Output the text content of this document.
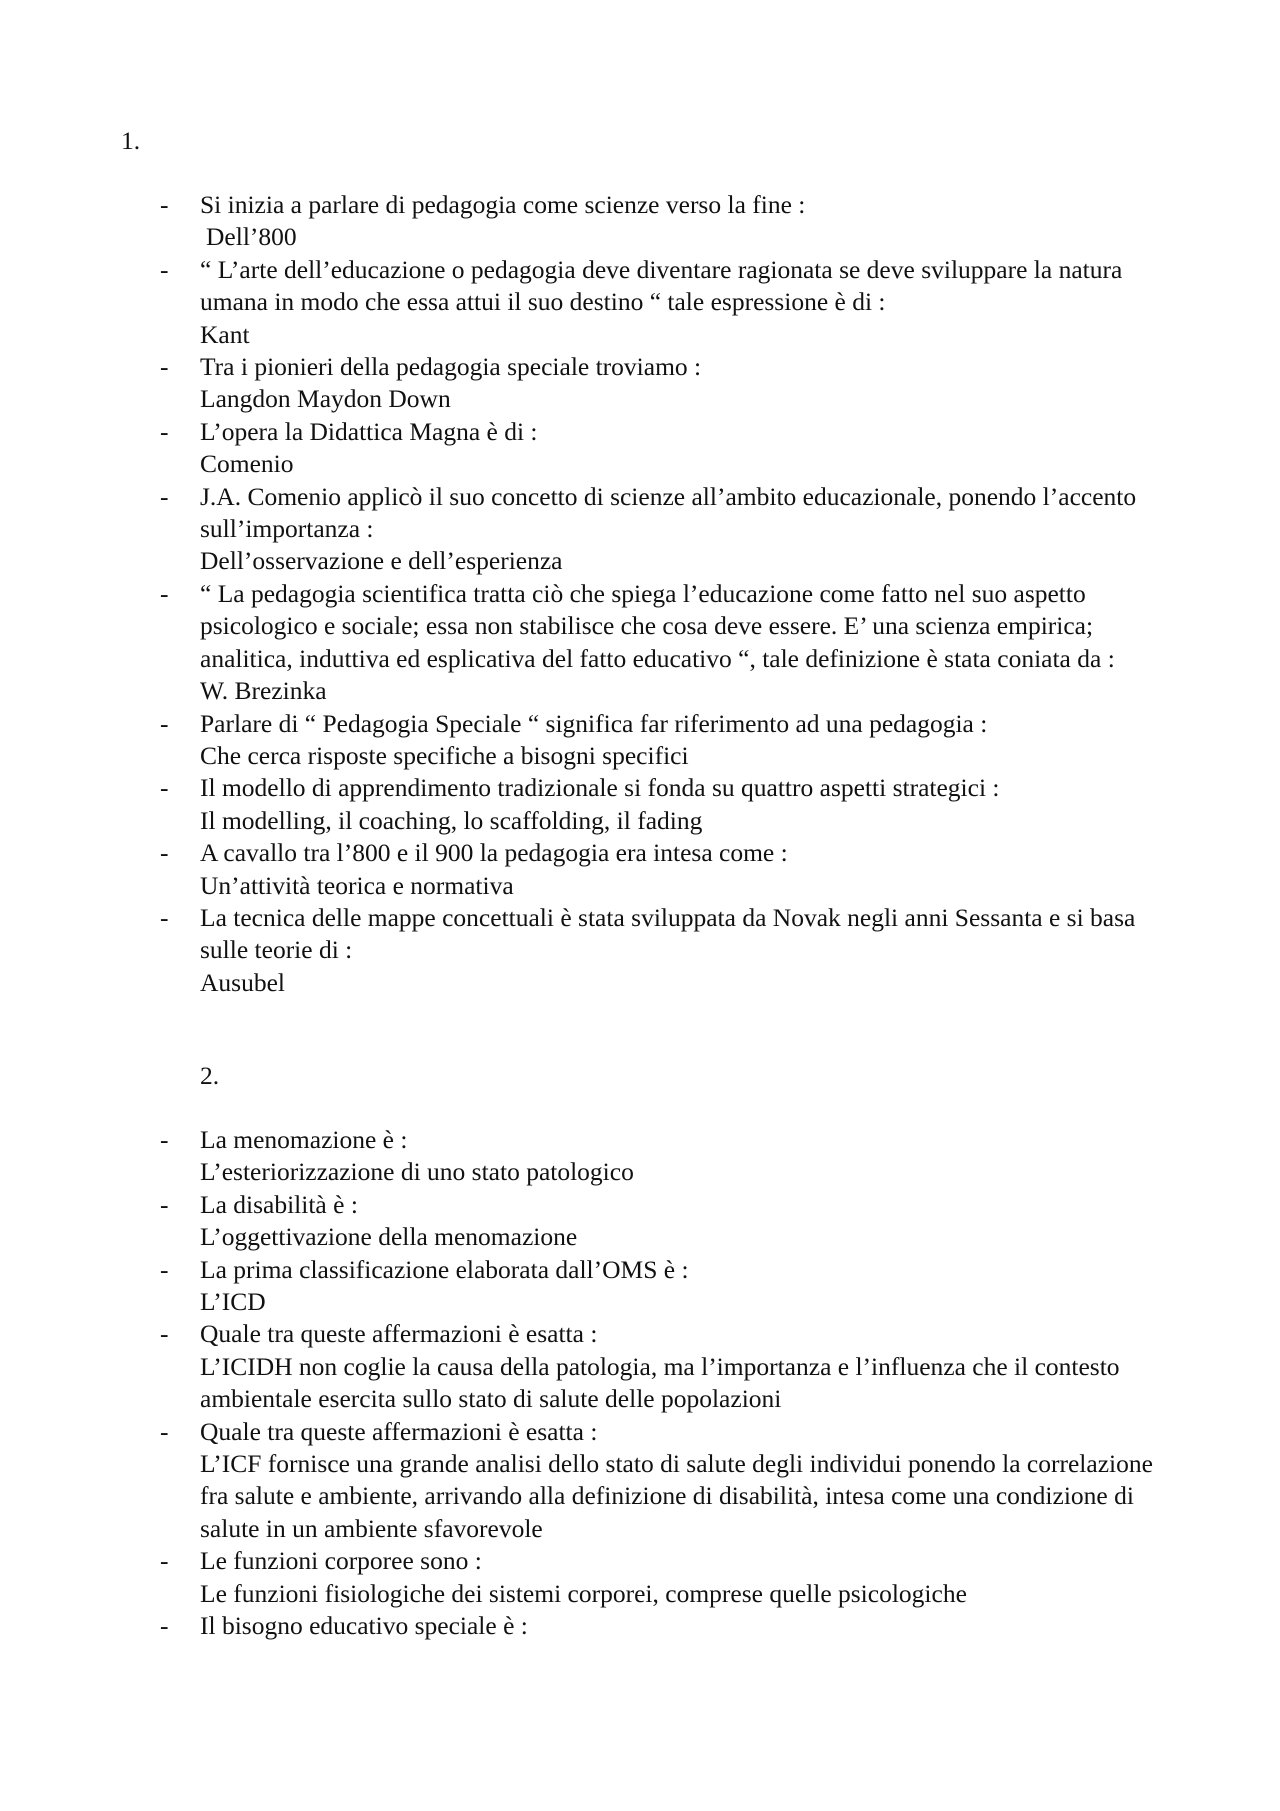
1.
- Si inizia a parlare di pedagogia come scienze verso la fine :
Dell’800
- “ L’arte dell’educazione o pedagogia deve diventare ragionata se deve sviluppare la natura umana in modo che essa attui il suo destino “ tale espressione è di :
Kant
- Tra i pionieri della pedagogia speciale troviamo :
Langdon Maydon Down
- L’opera la Didattica Magna è di :
Comenio
- J.A. Comenio applicò il suo concetto di scienze all’ambito educazionale, ponendo l’accento sull’importanza :
Dell’osservazione e dell’esperienza
- “ La pedagogia scientifica tratta ciò che spiega l’educazione come fatto nel suo aspetto psicologico e sociale; essa non stabilisce che cosa deve essere. E’ una scienza empirica; analitica, induttiva ed esplicativa del fatto educativo “, tale definizione è stata coniata da :
W. Brezinka
- Parlare di “ Pedagogia Speciale “ significa far riferimento ad una pedagogia :
Che cerca risposte specifiche a bisogni specifici
- Il modello di apprendimento tradizionale si fonda su quattro aspetti strategici :
Il modelling, il coaching, lo scaffolding, il fading
- A cavallo tra l’800 e il 900 la pedagogia era intesa come :
Un’attività teorica e normativa
- La tecnica delle mappe concettuali è stata sviluppata da Novak negli anni Sessanta e si basa sulle teorie di :
Ausubel
2.
- La menomazione è :
L’esteriorizzazione di uno stato patologico
- La disabilità è :
L’oggettivazione della menomazione
- La prima classificazione elaborata dall’OMS è :
L’ICD
- Quale tra queste affermazioni è esatta :
L’ICIDH non coglie la causa della patologia, ma l’importanza e l’influenza che il contesto ambientale esercita sullo stato di salute delle popolazioni
- Quale tra queste affermazioni è esatta :
L’ICF fornisce una grande analisi dello stato di salute degli individui ponendo la correlazione fra salute e ambiente, arrivando alla definizione di disabilità, intesa come una condizione di salute in un ambiente sfavorevole
- Le funzioni corporee sono :
Le funzioni fisiologiche dei sistemi corporei, comprese quelle psicologiche
- Il bisogno educativo speciale è :
